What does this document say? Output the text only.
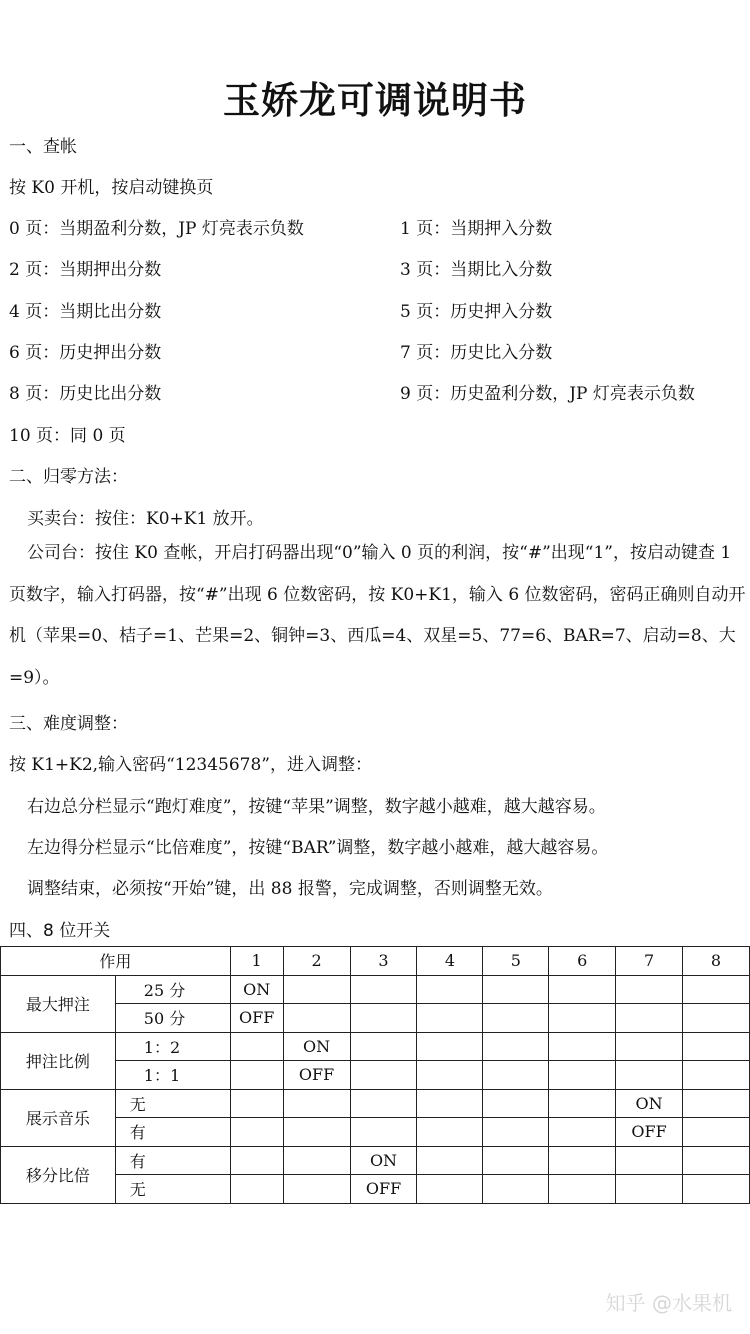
玉娇龙可调说明书
一、查帐
按 K0 开机，按启动键换页
0 页：当期盈利分数，JP 灯亮表示负数	1 页：当期押入分数
2 页：当期押出分数	3 页：当期比入分数
4 页：当期比出分数	5 页：历史押入分数
6 页：历史押出分数	7 页：历史比入分数
8 页：历史比出分数	9 页：历史盈利分数，JP 灯亮表示负数
10 页：同 0 页
二、归零方法：
买卖台：按住：K0+K1 放开。
公司台：按住 K0 查帐，开启打码器出现“0”输入 0 页的利润，按“#”出现“1”，按启动键查 1 页数字，输入打码器，按“#”出现 6 位数密码，按 K0+K1，输入 6 位数密码，密码正确则自动开机（苹果=0、桔子=1、芒果=2、铜钟=3、西瓜=4、双星=5、77=6、BAR=7、启动=8、大=9）。
三、难度调整：
按 K1+K2,输入密码“12345678”，进入调整：
右边总分栏显示“跑灯难度”，按键“苹果”调整，数字越小越难，越大越容易。
左边得分栏显示“比倍难度”，按键“BAR”调整，数字越小越难，越大越容易。
调整结束，必须按“开始”键，出 88 报警，完成调整，否则调整无效。
四、8 位开关
作用		1	2	3	4	5	6	7	8
最大押注	25 分	ON							
	50 分	OFF							
押注比例	1：2		ON						
	1：1		OFF						
展示音乐	无							ON	
	有							OFF	
移分比倍	有			ON					
	无			OFF					
知乎 @水果机
